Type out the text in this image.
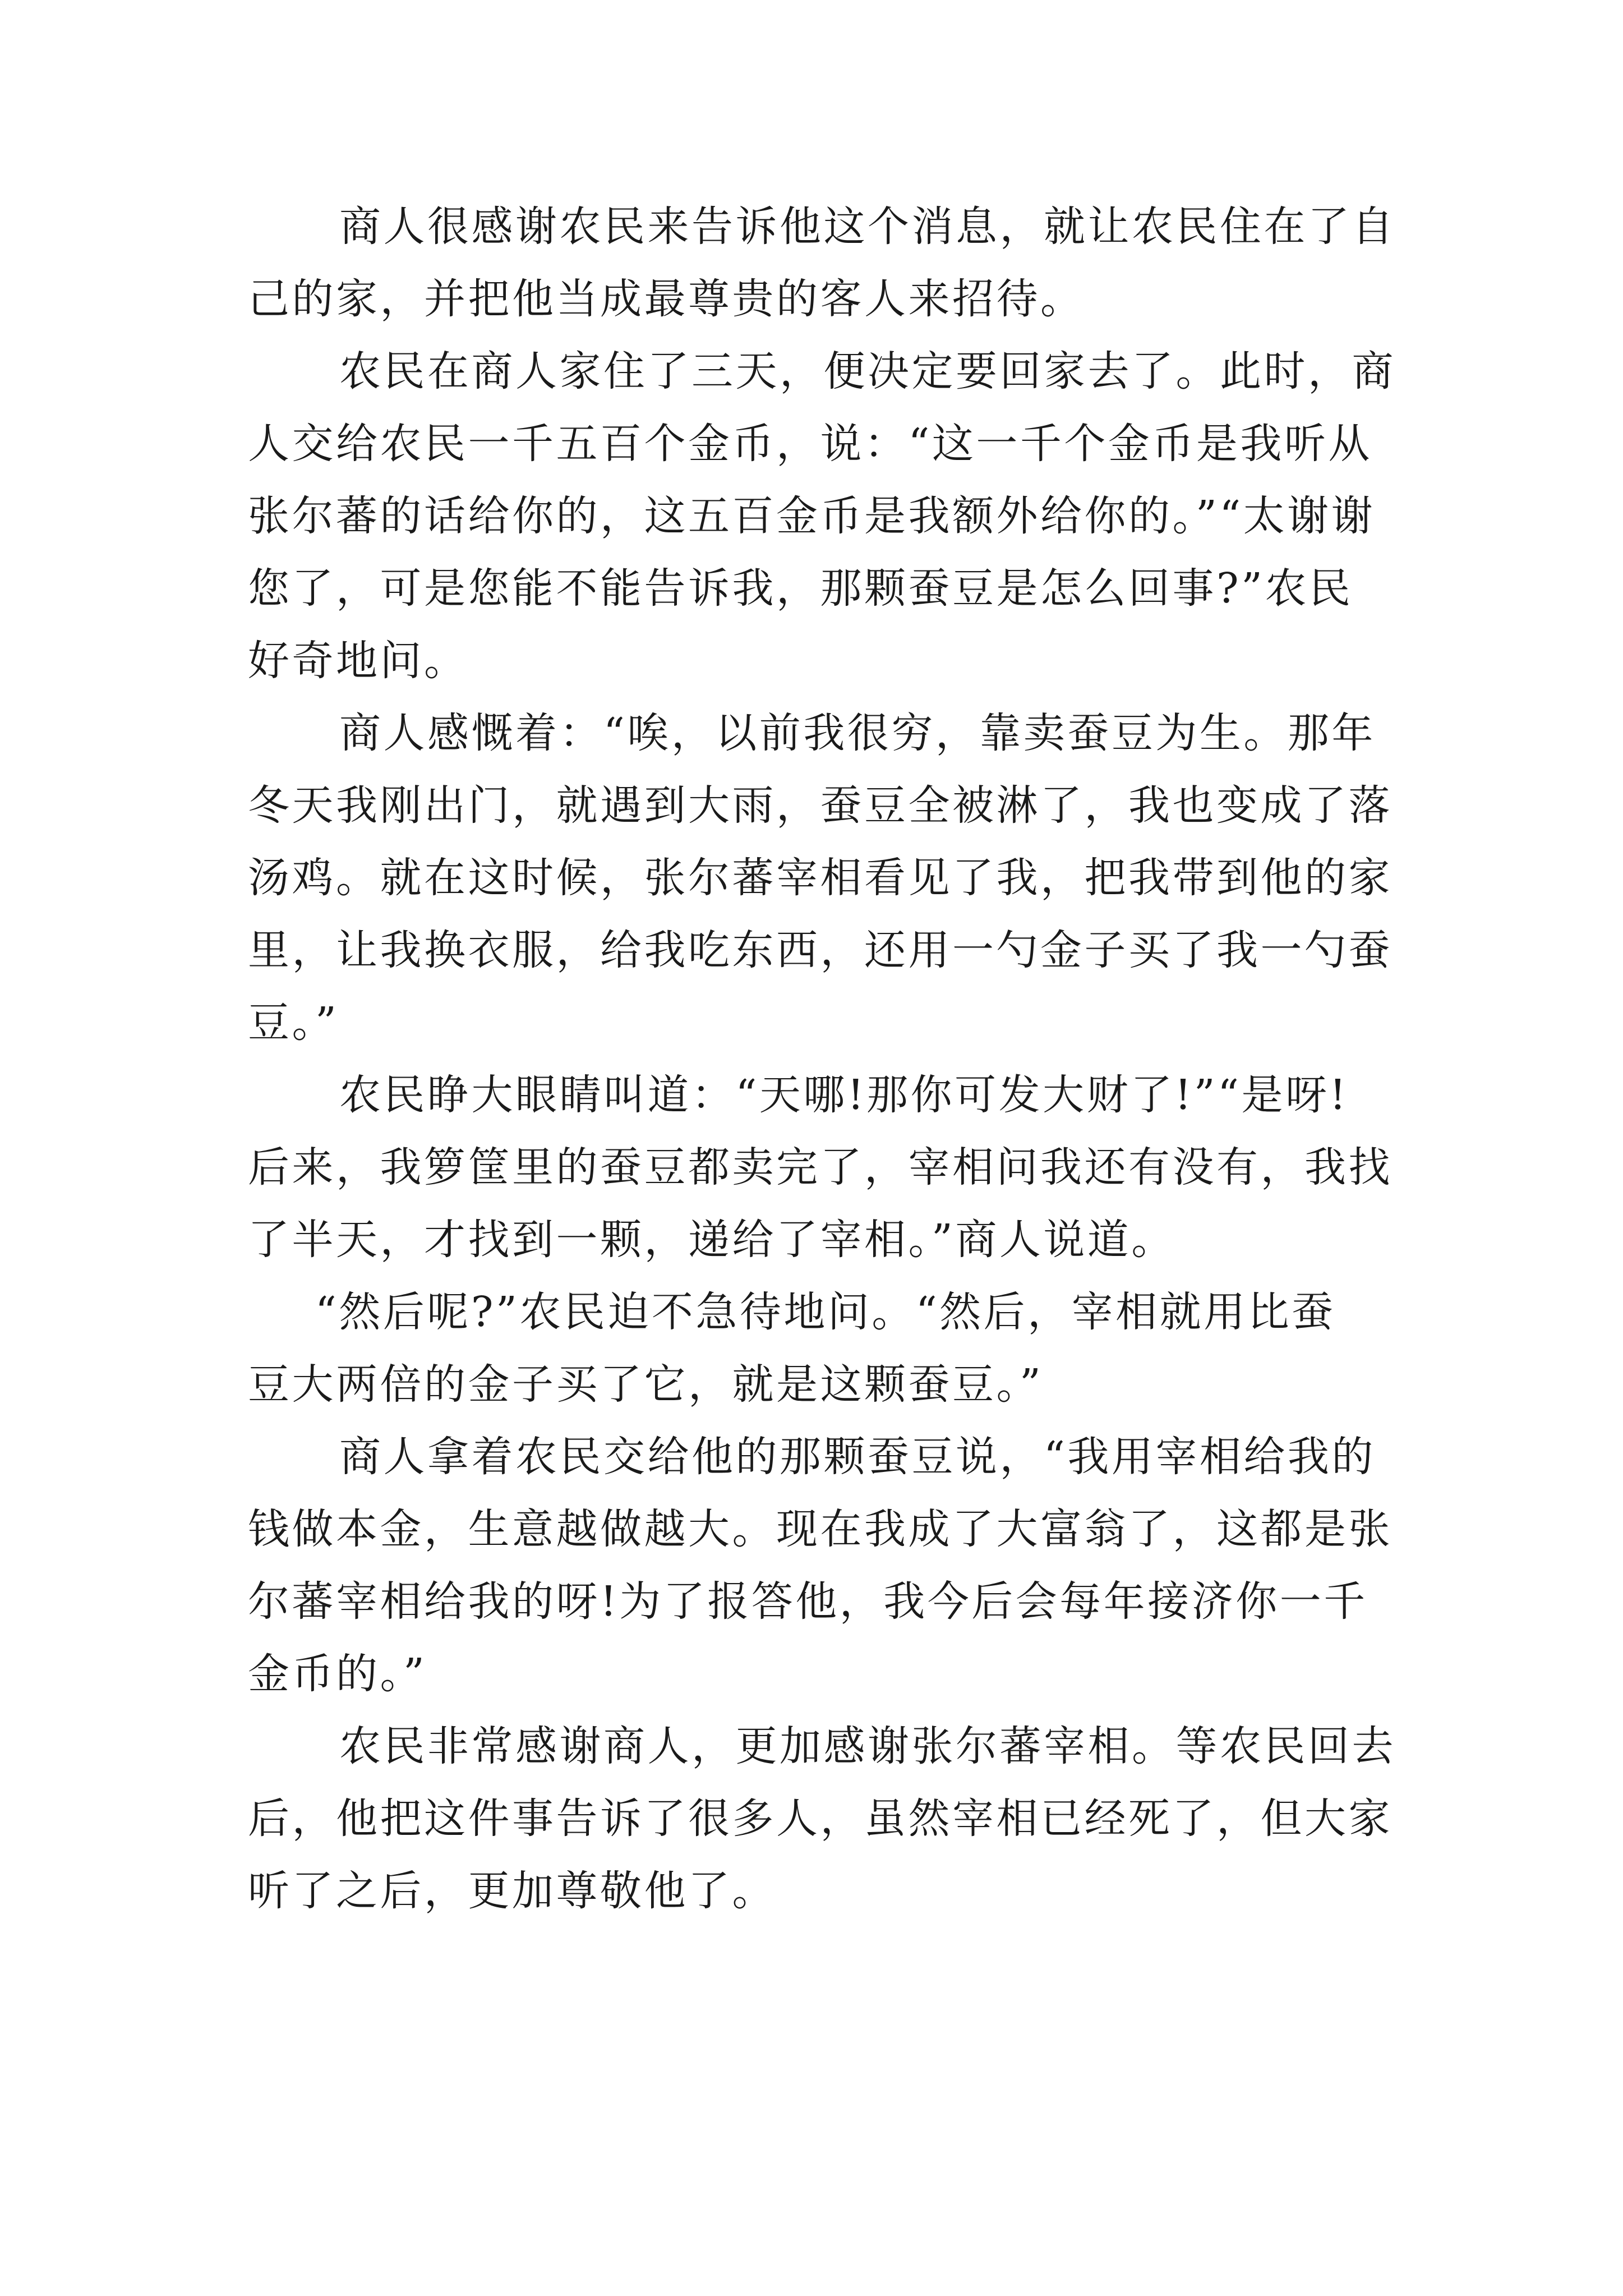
商人很感谢农民来告诉他这个消息，就让农民住在了自
己的家，并把他当成最尊贵的客人来招待。
农民在商人家住了三天，便决定要回家去了。此时，商
人交给农民一千五百个金币，说：“这一千个金币是我听从
张尔蕃的话给你的，这五百金币是我额外给你的。”“太谢谢
您了，可是您能不能告诉我，那颗蚕豆是怎么回事?”农民
好奇地问。
商人感慨着：“唉，以前我很穷，靠卖蚕豆为生。那年
冬天我刚出门，就遇到大雨，蚕豆全被淋了，我也变成了落
汤鸡。就在这时候，张尔蕃宰相看见了我，把我带到他的家
里，让我换衣服，给我吃东西，还用一勺金子买了我一勺蚕
豆。”
农民睁大眼睛叫道：“天哪!那你可发大财了!”“是呀!
后来，我箩筐里的蚕豆都卖完了，宰相问我还有没有，我找
了半天，才找到一颗，递给了宰相。”商人说道。
“然后呢?”农民迫不急待地问。“然后，宰相就用比蚕
豆大两倍的金子买了它，就是这颗蚕豆。”
商人拿着农民交给他的那颗蚕豆说，“我用宰相给我的
钱做本金，生意越做越大。现在我成了大富翁了，这都是张
尔蕃宰相给我的呀!为了报答他，我今后会每年接济你一千
金币的。”
农民非常感谢商人，更加感谢张尔蕃宰相。等农民回去
后，他把这件事告诉了很多人，虽然宰相已经死了，但大家
听了之后，更加尊敬他了。
